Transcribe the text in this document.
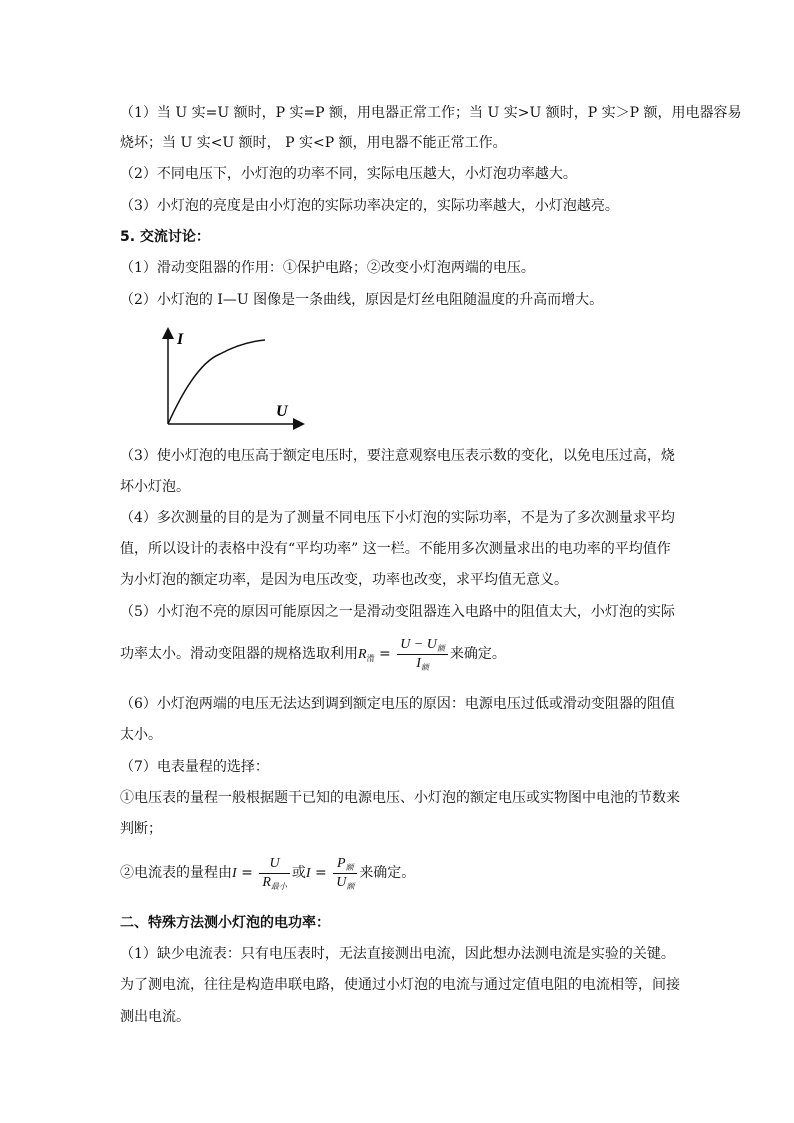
（1）当 U 实=U 额时，P 实=P 额，用电器正常工作；当 U 实>U 额时，P 实＞P 额，用电器容易
烧坏；当 U 实<U 额时， P 实<P 额，用电器不能正常工作。
（2）不同电压下，小灯泡的功率不同，实际电压越大，小灯泡功率越大。
（3）小灯泡的亮度是由小灯泡的实际功率决定的，实际功率越大，小灯泡越亮。
5. 交流讨论：
（1）滑动变阻器的作用：①保护电路；②改变小灯泡两端的电压。
（2）小灯泡的 I—U 图像是一条曲线，原因是灯丝电阻随温度的升高而增大。
I
U
（3）使小灯泡的电压高于额定电压时，要注意观察电压表示数的变化，以免电压过高，烧
坏小灯泡。
（4）多次测量的目的是为了测量不同电压下小灯泡的实际功率，不是为了多次测量求平均
值，所以设计的表格中没有“平均功率” 这一栏。不能用多次测量求出的电功率的平均值作
为小灯泡的额定功率，是因为电压改变，功率也改变，求平均值无意义。
（5）小灯泡不亮的原因可能原因之一是滑动变阻器连入电路中的阻值太大，小灯泡的实际
功率太小。滑动变阻器的规格选取利用$R_滑 = \frac{U - U_额}{I_额}$ 来确定。
（6）小灯泡两端的电压无法达到调到额定电压的原因：电源电压过低或滑动变阻器的阻值
太小。
（7）电表量程的选择：
①电压表的量程一般根据题干已知的电源电压、小灯泡的额定电压或实物图中电池的节数来
判断；
②电流表的量程由$I = \frac{U}{R_{最小}}$ 或$I = \frac{P_额}{U_额}$ 来确定。
二、特殊方法测小灯泡的电功率：
（1）缺少电流表：只有电压表时，无法直接测出电流，因此想办法测电流是实验的关键。
为了测电流，往往是构造串联电路，使通过小灯泡的电流与通过定值电阻的电流相等，间接
测出电流。
